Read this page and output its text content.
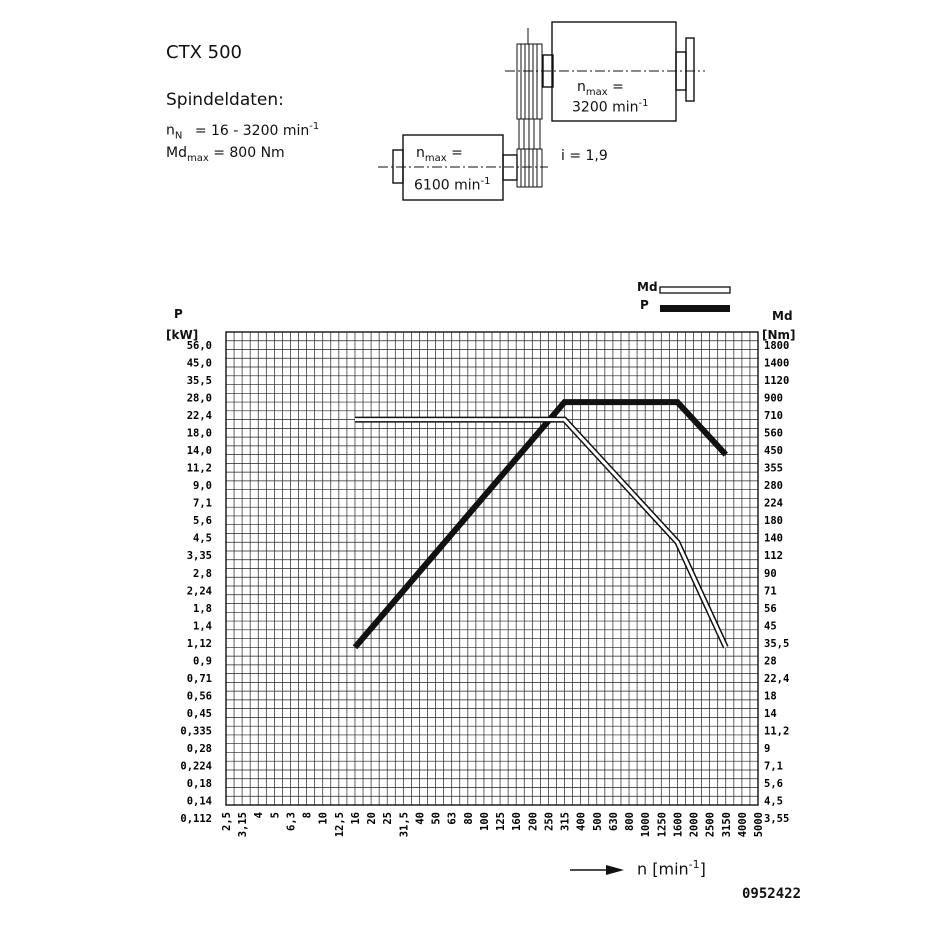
CTX 500
Spindeldaten:
$n_N = 16 - 3200$ $\min^{-1}$
$Md_{max} = 800$ Nm
$n_{max}$ =
3200 $\min^{-1}$
$n_{max}$ =
6100 $\min^{-1}$
i = 1,9
56,0
45,0
35,5
28,0
22,4
18,0
14,0
11,2
9,0
7,1
5,6
4,5
3,35
2,8
2,24
1,8
1,4
1,12
0,9
0,71
0,56
0,45
0,335
0,28
0,224
0,18
0,14
0,112
1800
1400
1120
900
710
560
450
355
280
224
180
140
112
90
71
56
45
35,5
28
22,4
18
14
11,2
9
7,1
5,6
4,5
3,55
2,5 3,15 4 5 6,3 8 10 12,5 16 20 25 31,5 40 50 63 80 100 125 160 200 250 315 400 500 630 800 1000 1250 1600 2000 2500 3150 4000 5000
P
[kW]
Md
[Nm]
Md
P
n $[\min^{-1}]$
0952422
